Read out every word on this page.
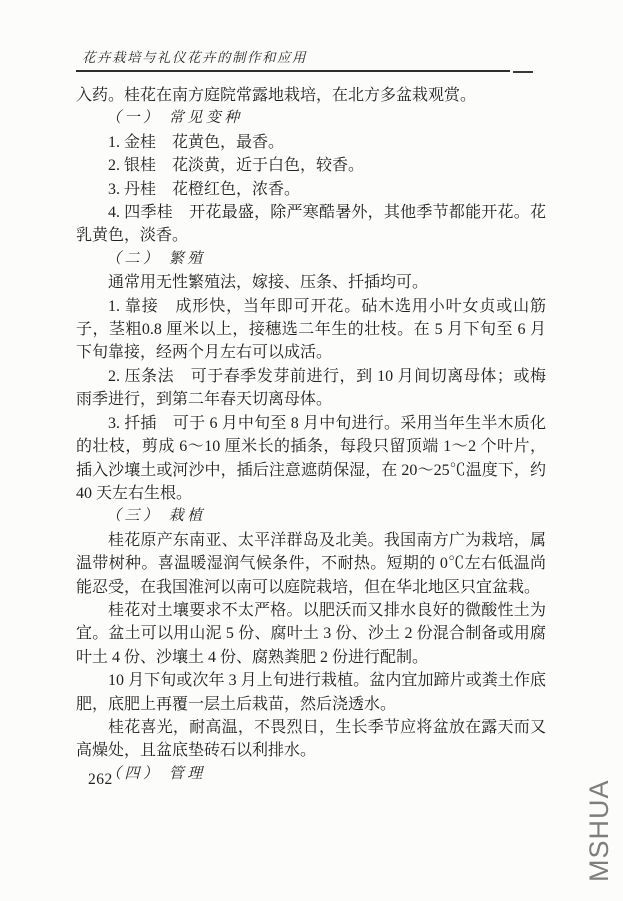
花卉栽培与礼仪花卉的制作和应用
入药。桂花在南方庭院常露地栽培，在北方多盆栽观赏。
（一） 常见变种
1. 金桂　花黄色，最香。
2. 银桂　花淡黄，近于白色，较香。
3. 丹桂　花橙红色，浓香。
4. 四季桂　开花最盛，除严寒酷暑外，其他季节都能开花。花乳黄色，淡香。
（二） 繁殖
通常用无性繁殖法，嫁接、压条、扦插均可。
1. 靠接　成形快，当年即可开花。砧木选用小叶女贞或山筋子，茎粗0.8 厘米以上，接穗选二年生的壮枝。在 5 月下旬至 6 月下旬靠接，经两个月左右可以成活。
2. 压条法　可于春季发芽前进行，到 10 月间切离母体；或梅雨季进行，到第二年春天切离母体。
3. 扦插　可于 6 月中旬至 8 月中旬进行。采用当年生半木质化的壮枝，剪成 6～10 厘米长的插条，每段只留顶端 1～2 个叶片，插入沙壤土或河沙中，插后注意遮荫保湿，在 20～25℃温度下，约 40 天左右生根。
（三） 栽植
桂花原产东南亚、太平洋群岛及北美。我国南方广为栽培，属温带树种。喜温暖湿润气候条件，不耐热。短期的 0℃左右低温尚能忍受，在我国淮河以南可以庭院栽培，但在华北地区只宜盆栽。
桂花对土壤要求不太严格。以肥沃而又排水良好的微酸性土为宜。盆土可以用山泥 5 份、腐叶土 3 份、沙土 2 份混合制备或用腐叶土 4 份、沙壤土 4 份、腐熟粪肥 2 份进行配制。
10 月下旬或次年 3 月上旬进行栽植。盆内宜加蹄片或粪土作底肥，底肥上再覆一层土后栽苗，然后浇透水。
桂花喜光，耐高温，不畏烈日，生长季节应将盆放在露天而又高燥处，且盆底垫砖石以利排水。
（四） 管理
262	MSHUA
